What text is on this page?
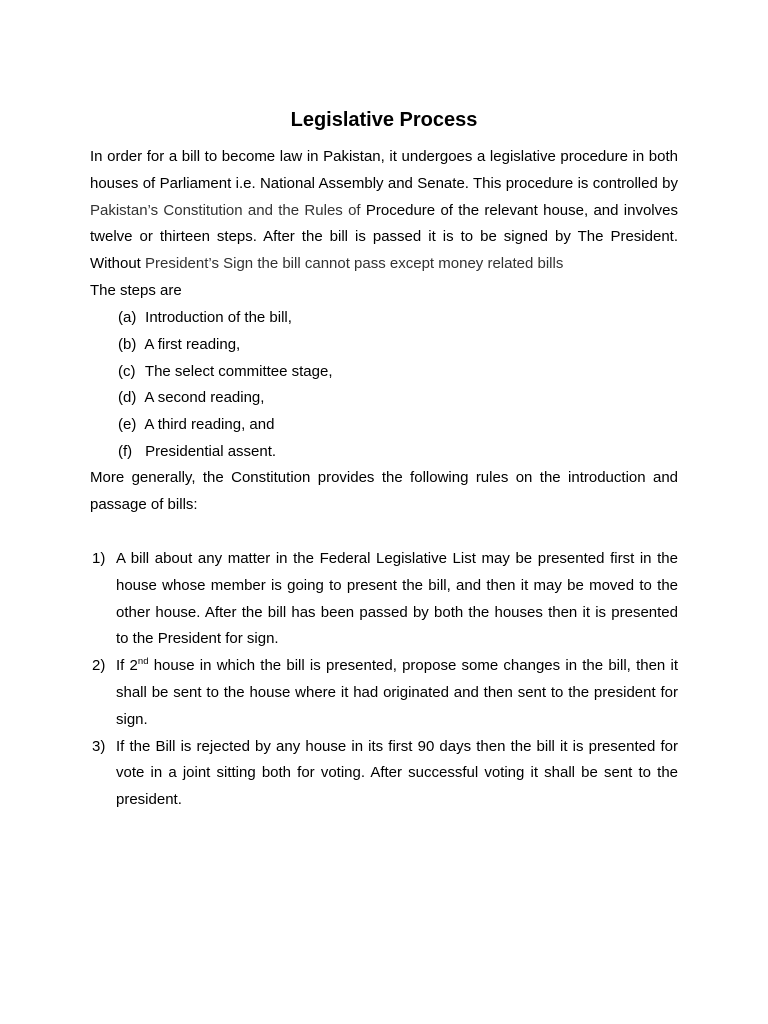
Legislative Process

In order for a bill to become law in Pakistan, it undergoes a legislative procedure in both houses of Parliament i.e. National Assembly and Senate. This procedure is controlled by Pakistan’s Constitution and the Rules of Procedure of the relevant house, and involves twelve or thirteen steps. After the bill is passed it is to be signed by The President. Without President’s Sign the bill cannot pass except money related bills

The steps are

(a) Introduction of the bill,
(b) A first reading,
(c) The select committee stage,
(d) A second reading,
(e) A third reading, and
(f) Presidential assent.

More generally, the Constitution provides the following rules on the introduction and passage of bills:

1) A bill about any matter in the Federal Legislative List may be presented first in the house whose member is going to present the bill, and then it may be moved to the other house. After the bill has been passed by both the houses then it is presented to the President for sign.
2) If 2nd house in which the bill is presented, propose some changes in the bill, then it shall be sent to the house where it had originated and then sent to the president for sign.
3) If the Bill is rejected by any house in its first 90 days then the bill it is presented for vote in a joint sitting both for voting. After successful voting it shall be sent to the president.
